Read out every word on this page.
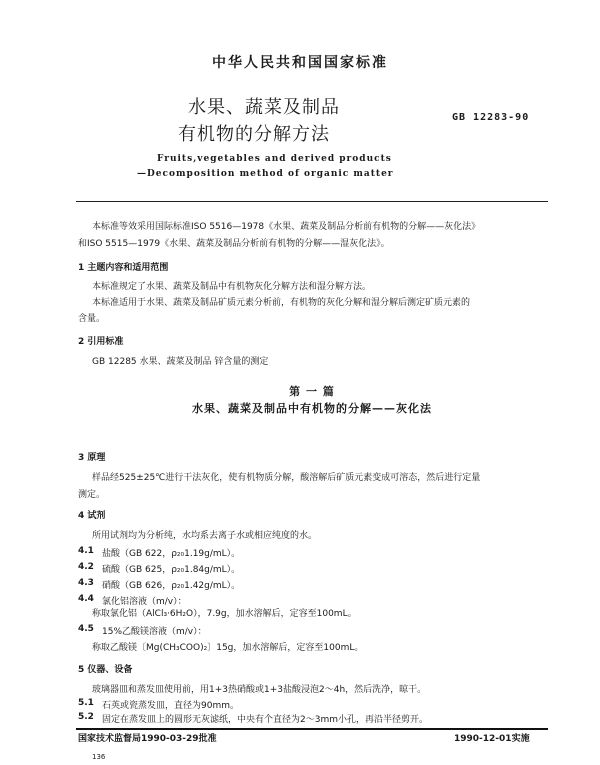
中华人民共和国国家标准
水果、蔬菜及制品
有机物的分解方法
GB 12283-90
Fruits,vegetables and derived products
—Decomposition method of organic matter
本标准等效采用国际标准ISO 5516—1978《水果、蔬菜及制品分析前有机物的分解——灰化法》
和ISO 5515—1979《水果、蔬菜及制品分析前有机物的分解——湿灰化法》。
1 主题内容和适用范围
本标准规定了水果、蔬菜及制品中有机物灰化分解方法和湿分解方法。
本标准适用于水果、蔬菜及制品矿质元素分析前，有机物的灰化分解和湿分解后测定矿质元素的
含量。
2 引用标准
GB 12285 水果、蔬菜及制品 锌含量的测定
第 一 篇
水果、蔬菜及制品中有机物的分解——灰化法
3 原理
样品经525±25℃进行干法灰化，使有机物质分解，酸溶解后矿质元素变成可溶态，然后进行定量
测定。
4 试剂
所用试剂均为分析纯，水均系去离子水或相应纯度的水。
4.1 盐酸（GB 622，ρ₂₀1.19g/mL）。
4.2 硫酸（GB 625，ρ₂₀1.84g/mL）。
4.3 硝酸（GB 626，ρ₂₀1.42g/mL）。
4.4 氯化铝溶液（m/v）：
称取氯化铝（AlCl₃·6H₂O），7.9g，加水溶解后，定容至100mL。
4.5 15%乙酸镁溶液（m/v）：
称取乙酸镁〔Mg(CH₃COO)₂〕15g，加水溶解后，定容至100mL。
5 仪器、设备
玻璃器皿和蒸发皿使用前，用1+3热硝酸或1+3盐酸浸泡2～4h，然后洗净，晾干。
5.1 石英或瓷蒸发皿，直径为90mm。
5.2 固定在蒸发皿上的圆形无灰滤纸，中央有个直径为2～3mm小孔，再沿半径剪开。
国家技术监督局1990-03-29批准	1990-12-01实施
136
